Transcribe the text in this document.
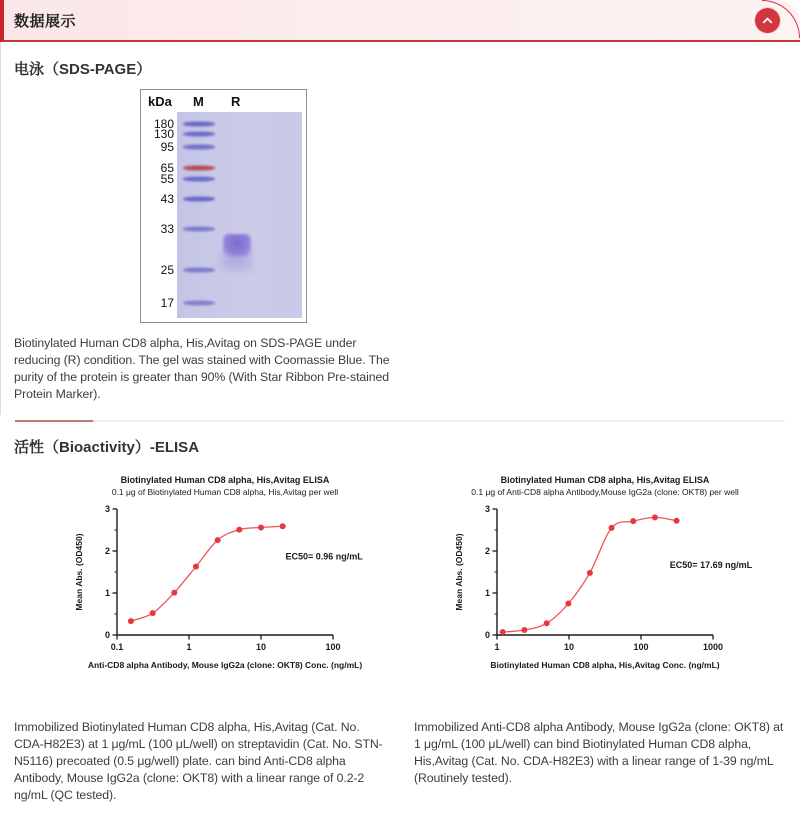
数据展示
电泳（SDS-PAGE）
kDa M R
180
130
95
65
55
43
33
25
17

Biotinylated Human CD8 alpha, His,Avitag on SDS-PAGE under reducing (R) condition. The gel was stained with Coomassie Blue. The purity of the protein is greater than 90% (With Star Ribbon Pre-stained Protein Marker).

活性（Bioactivity）-ELISA
Biotinylated Human CD8 alpha, His,Avitag ELISA
0.1 μg of Biotinylated Human CD8 alpha, His,Avitag per well
0
1
2
3
0.1	1	10	100
Anti-CD8 alpha Antibody, Mouse IgG2a (clone: OKT8) Conc. (ng/mL)
Mean Abs. (OD450)	EC50= 0.96 ng/mL
Biotinylated Human CD8 alpha, His,Avitag ELISA
0.1 μg of Anti-CD8 alpha Antibody,Mouse IgG2a (clone: OKT8) per well
0
1
2
3
1	10	100	1000
Biotinylated Human CD8 alpha, His,Avitag Conc. (ng/mL)
Mean Abs. (OD450)	EC50= 17.69 ng/mL

Immobilized Biotinylated Human CD8 alpha, His,Avitag (Cat. No. CDA-H82E3) at 1 μg/mL (100 μL/well) on streptavidin (Cat. No. STN-N5116) precoated (0.5 μg/well) plate. can bind Anti-CD8 alpha Antibody, Mouse IgG2a (clone: OKT8) with a linear range of 0.2-2 ng/mL (QC tested).

Immobilized Anti-CD8 alpha Antibody, Mouse IgG2a (clone: OKT8) at 1 μg/mL (100 μL/well) can bind Biotinylated Human CD8 alpha, His,Avitag (Cat. No. CDA-H82E3) with a linear range of 1-39 ng/mL (Routinely tested).
